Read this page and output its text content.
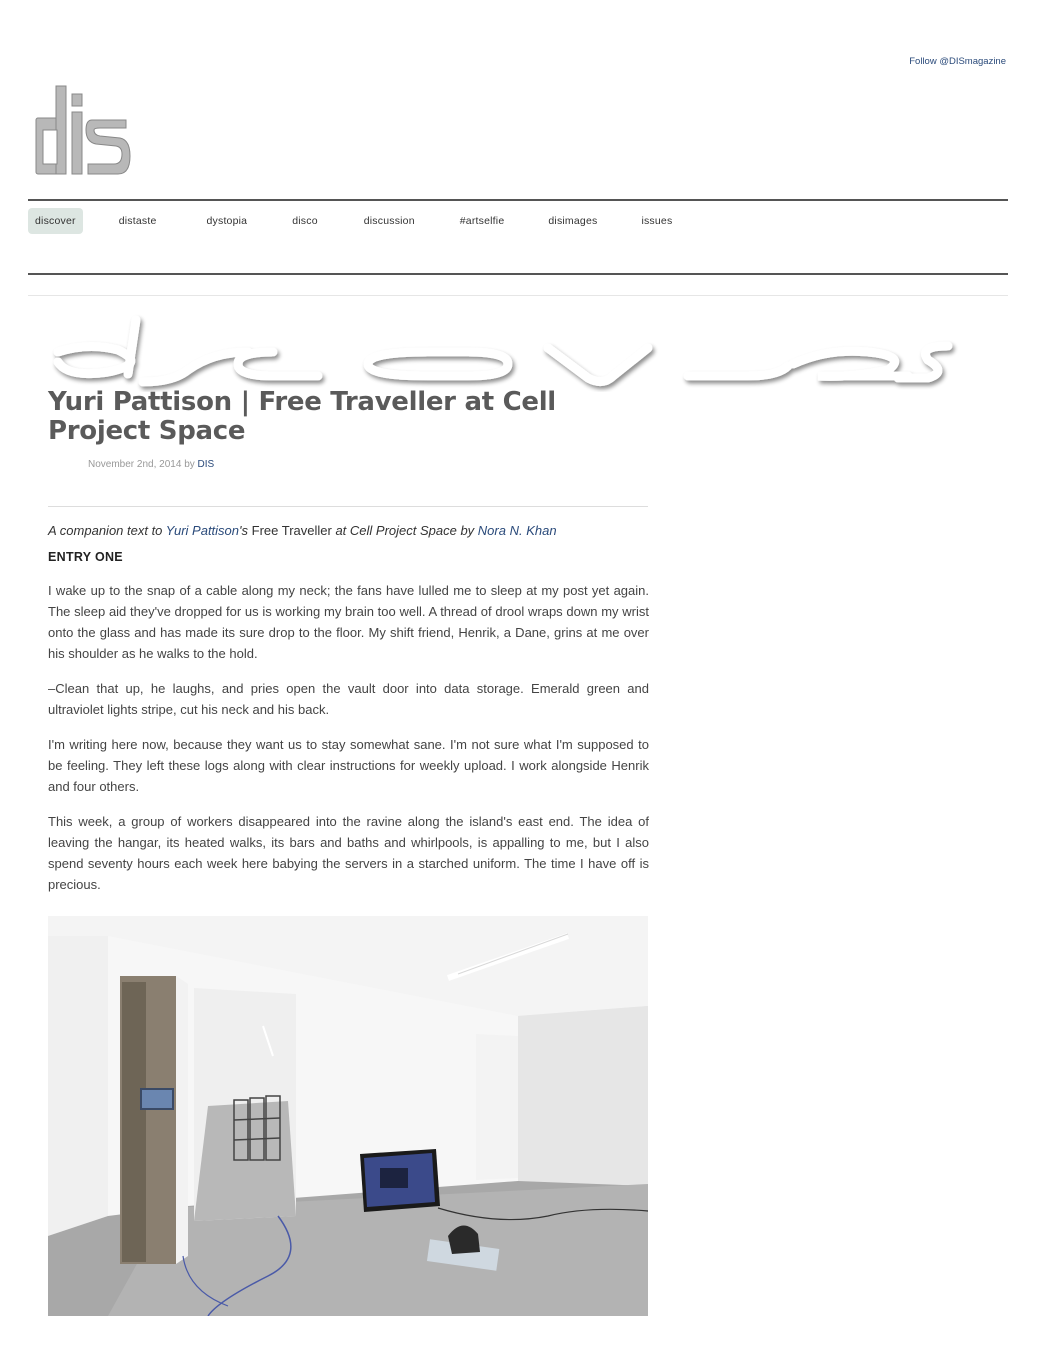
Follow @DISmagazine
discover	distaste	dystopia	disco	discussion	#artselfie	disimages	issues
Yuri Pattison | Free Traveller at Cell Project Space
November 2nd, 2014 by DIS
A companion text to Yuri Pattison's Free Traveller at Cell Project Space by Nora N. Khan
ENTRY ONE

I wake up to the snap of a cable along my neck; the fans have lulled me to sleep at my post yet again. The sleep aid they've dropped for us is working my brain too well. A thread of drool wraps down my wrist onto the glass and has made its sure drop to the floor. My shift friend, Henrik, a Dane, grins at me over his shoulder as he walks to the hold.

–Clean that up, he laughs, and pries open the vault door into data storage. Emerald green and ultraviolet lights stripe, cut his neck and his back.

I'm writing here now, because they want us to stay somewhat sane. I'm not sure what I'm supposed to be feeling. They left these logs along with clear instructions for weekly upload. I work alongside Henrik and four others.

This week, a group of workers disappeared into the ravine along the island's east end. The idea of leaving the hangar, its heated walks, its bars and baths and whirlpools, is appalling to me, but I also spend seventy hours each week here babying the servers in a starched uniform. The time I have off is precious.
